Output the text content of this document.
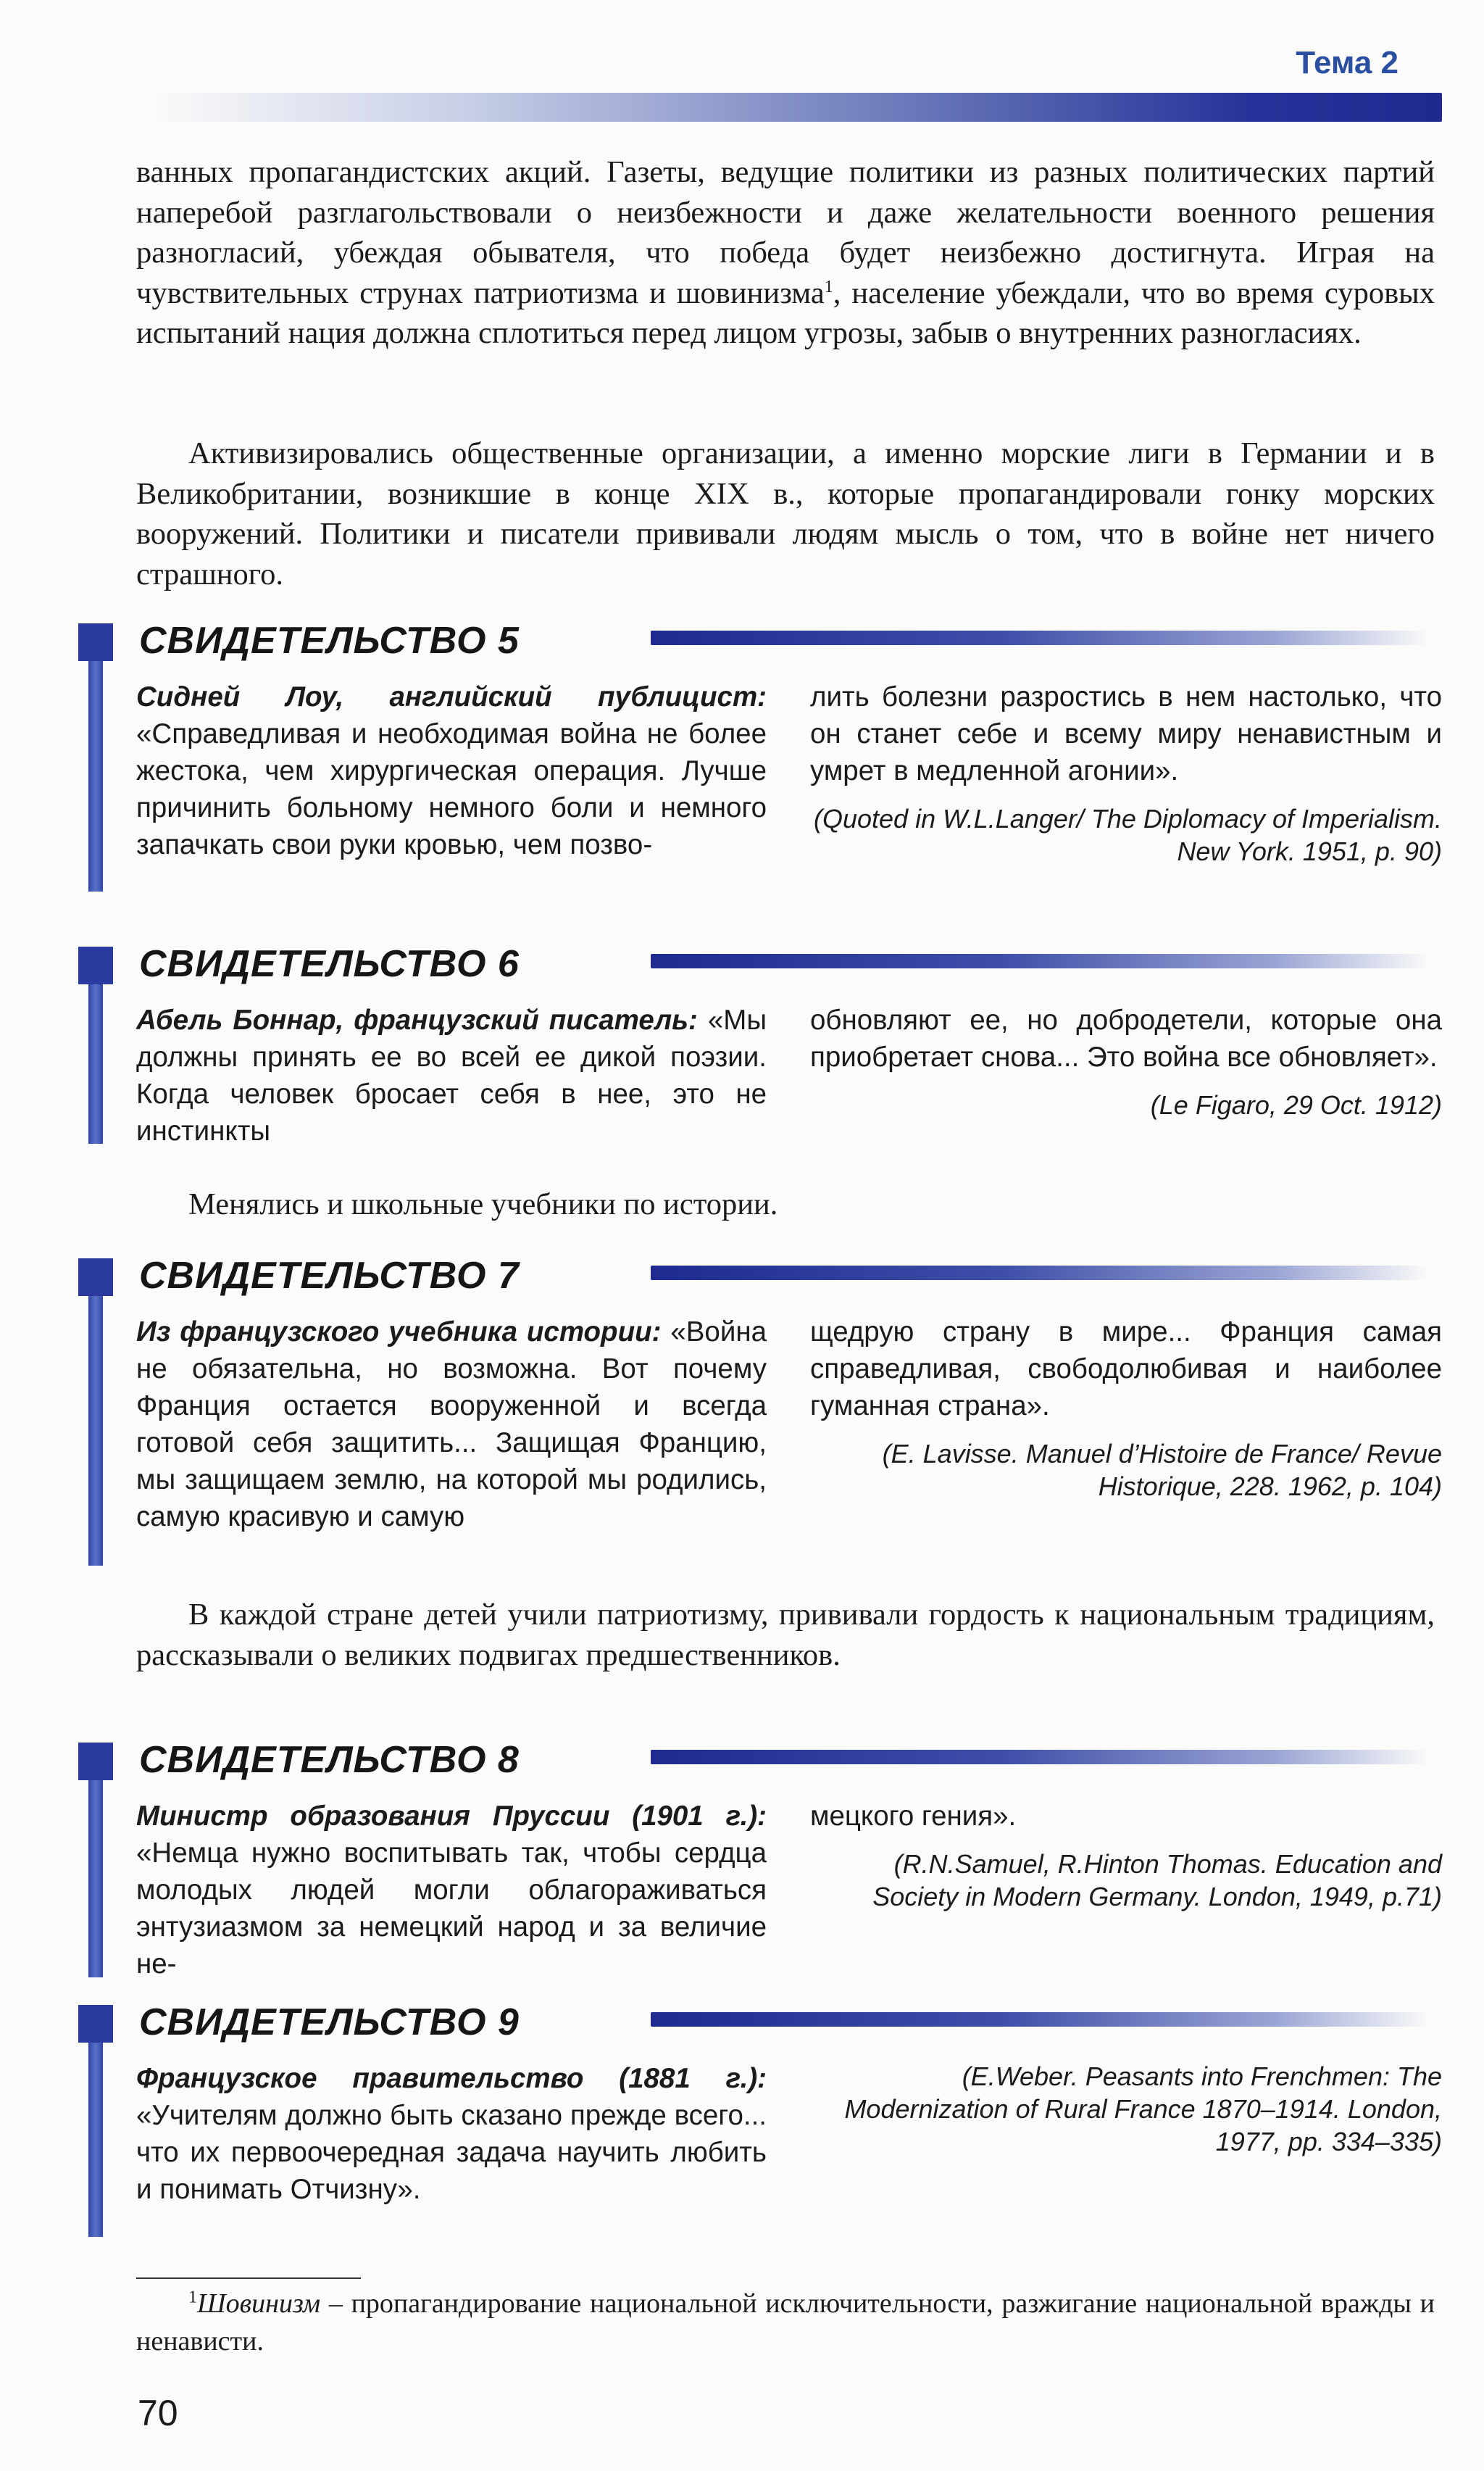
Тема 2

ванных пропагандистских акций. Газеты, ведущие политики из разных политических партий наперебой разглагольствовали о неизбежности и даже желательности военного решения разногласий, убеждая обывателя, что победа будет неизбежно достигнута. Играя на чувствительных струнах патриотизма и шовинизма$^1$, население убеждали, что во время суровых испытаний нация должна сплотиться перед лицом угрозы, забыв о внутренних разногласиях.

Активизировались общественные организации, а именно морские лиги в Германии и в Великобритании, возникшие в конце XIX в., которые пропагандировали гонку морских вооружений. Политики и писатели прививали людям мысль о том, что в войне нет ничего страшного.

СВИДЕТЕЛЬСТВО 5

Сидней Лоу, английский публицист: «Справедливая и необходимая война не более жестока, чем хирургическая операция. Лучше причинить больному немного боли и немного запачкать свои руки кровью, чем позво-

лить болезни разростись в нем настолько, что он станет себе и всему миру ненавистным и умрет в медленной агонии».

(Quoted in W.L.Langer/ The Diplomacy of Imperialism. New York. 1951, p. 90)

СВИДЕТЕЛЬСТВО 6

Абель Боннар, французский писатель: «Мы должны принять ее во всей ее дикой поэзии. Когда человек бросает себя в нее, это не инстинкты

обновляют ее, но добродетели, которые она приобретает снова... Это война все обновляет».

(Le Figaro, 29 Oct. 1912)

Менялись и школьные учебники по истории.

СВИДЕТЕЛЬСТВО 7

Из французского учебника истории: «Война не обязательна, но возможна. Вот почему Франция остается вооруженной и всегда готовой себя защитить... Защищая Францию, мы защищаем землю, на которой мы родились, самую красивую и самую

щедрую страну в мире... Франция самая справедливая, свободолюбивая и наиболее гуманная страна».

(E. Lavisse. Manuel d’Histoire de France/ Revue Historique, 228. 1962, p. 104)

В каждой стране детей учили патриотизму, прививали гордость к национальным традициям, рассказывали о великих подвигах предшественников.

СВИДЕТЕЛЬСТВО 8

Министр образования Пруссии (1901 г.): «Немца нужно воспитывать так, чтобы сердца молодых людей могли облагораживаться энтузиазмом за немецкий народ и за величие не-

мецкого гения».

(R.N.Samuel, R.Hinton Thomas. Education and Society in Modern Germany. London, 1949, p.71)

СВИДЕТЕЛЬСТВО 9

Французское правительство (1881 г.): «Учителям должно быть сказано прежде всего... что их первоочередная задача научить любить и понимать Отчизну».

(E.Weber. Peasants into Frenchmen: The Modernization of Rural France 1870–1914. London, 1977, pp. 334–335)

$^1$Шовинизм – пропагандирование национальной исключительности, разжигание национальной вражды и ненависти.

70
